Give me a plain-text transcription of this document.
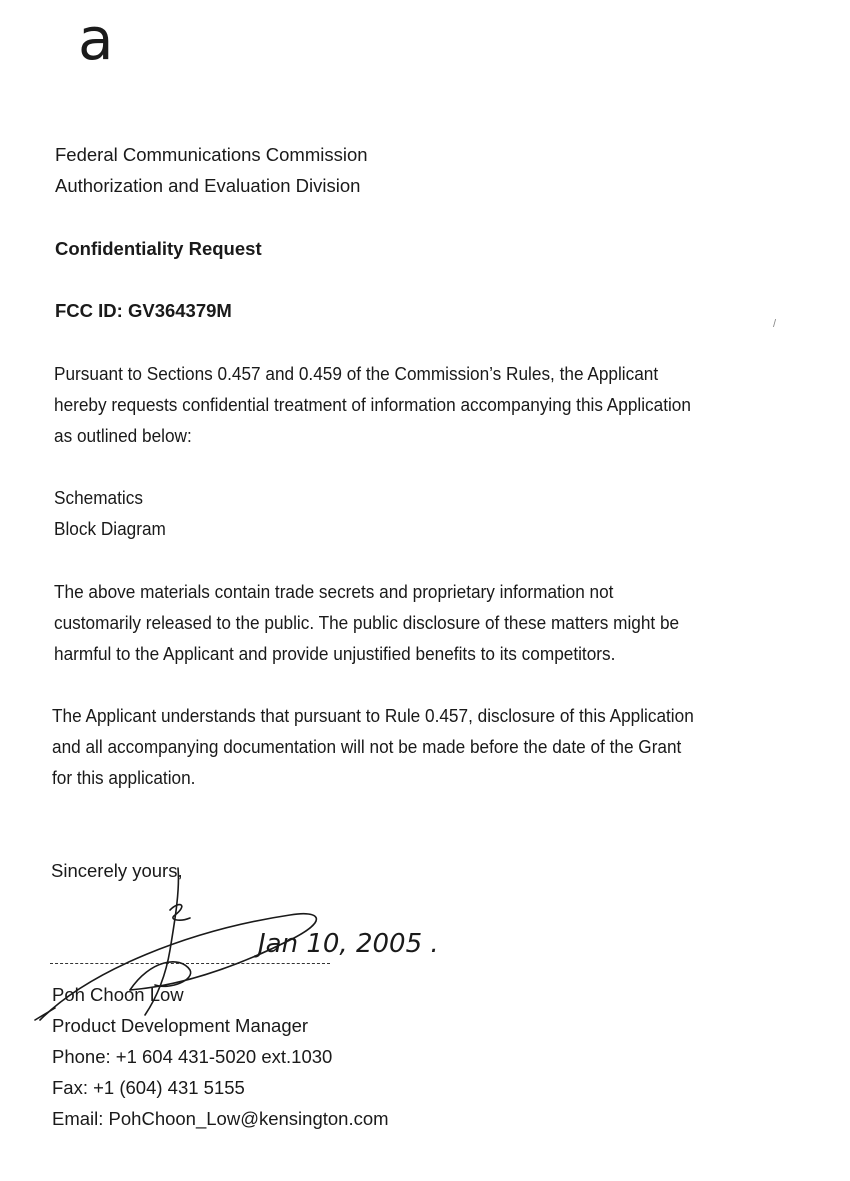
a
Federal Communications Commission
Authorization and Evaluation Division
Confidentiality Request
FCC ID: GV364379M
/
Pursuant to Sections 0.457 and 0.459 of the Commission’s Rules, the Applicant
hereby requests confidential treatment of information accompanying this Application
as outlined below:
Schematics
Block Diagram
The above materials contain trade secrets and proprietary information not
customarily released to the public. The public disclosure of these matters might be
harmful to the Applicant and provide unjustified benefits to its competitors.
The Applicant understands that pursuant to Rule 0.457, disclosure of this Application
and all accompanying documentation will not be made before the date of the Grant
for this application.
Sincerely yours,
Jan 10, 2005 .
Poh Choon Low
Product Development Manager
Phone: +1 604 431-5020 ext.1030
Fax: +1 (604) 431 5155
Email: PohChoon_Low@kensington.com
